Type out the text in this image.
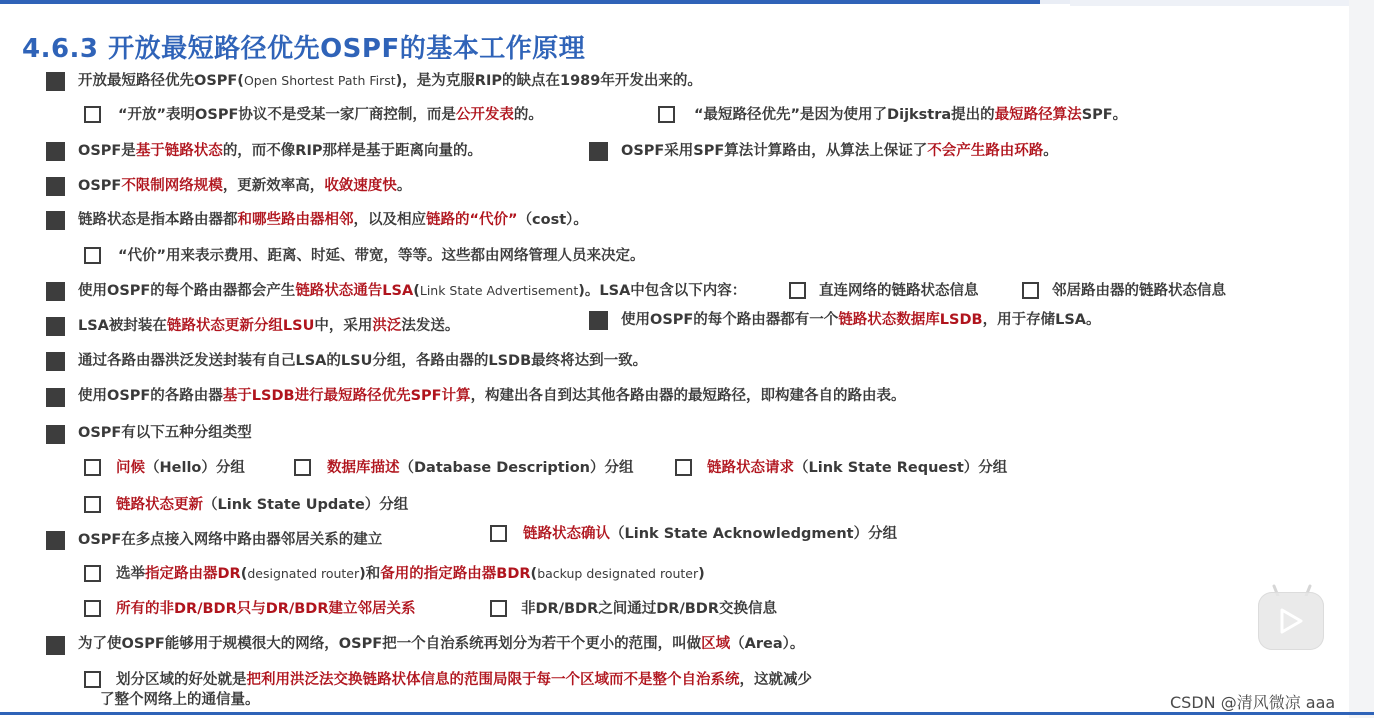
4.6.3 开放最短路径优先OSPF的基本工作原理
开放最短路径优先OSPF(Open Shortest Path First)，是为克服RIP的缺点在1989年开发出来的。
“开放”表明OSPF协议不是受某一家厂商控制，而是公开发表的。	“最短路径优先”是因为使用了Dijkstra提出的最短路径算法SPF。
OSPF是基于链路状态的，而不像RIP那样是基于距离向量的。	OSPF采用SPF算法计算路由，从算法上保证了不会产生路由环路。
OSPF不限制网络规模，更新效率高，收敛速度快。
链路状态是指本路由器都和哪些路由器相邻，以及相应链路的“代价”（cost）。
“代价”用来表示费用、距离、时延、带宽，等等。这些都由网络管理人员来决定。
使用OSPF的每个路由器都会产生链路状态通告LSA(Link State Advertisement)。LSA中包含以下内容：	直连网络的链路状态信息	邻居路由器的链路状态信息
LSA被封装在链路状态更新分组LSU中，采用洪泛法发送。	使用OSPF的每个路由器都有一个链路状态数据库LSDB，用于存储LSA。
通过各路由器洪泛发送封装有自己LSA的LSU分组，各路由器的LSDB最终将达到一致。
使用OSPF的各路由器基于LSDB进行最短路径优先SPF计算，构建出各自到达其他各路由器的最短路径，即构建各自的路由表。
OSPF有以下五种分组类型
问候（Hello）分组	数据库描述（Database Description）分组	链路状态请求（Link State Request）分组
链路状态更新（Link State Update）分组
OSPF在多点接入网络中路由器邻居关系的建立	链路状态确认（Link State Acknowledgment）分组
选举指定路由器DR(designated router)和备用的指定路由器BDR(backup designated router)
所有的非DR/BDR只与DR/BDR建立邻居关系	非DR/BDR之间通过DR/BDR交换信息
为了使OSPF能够用于规模很大的网络，OSPF把一个自治系统再划分为若干个更小的范围，叫做区域（Area）。
划分区域的好处就是把利用洪泛法交换链路状体信息的范围局限于每一个区域而不是整个自治系统，这就减少
了整个网络上的通信量。	CSDN @清风微凉 aaa
